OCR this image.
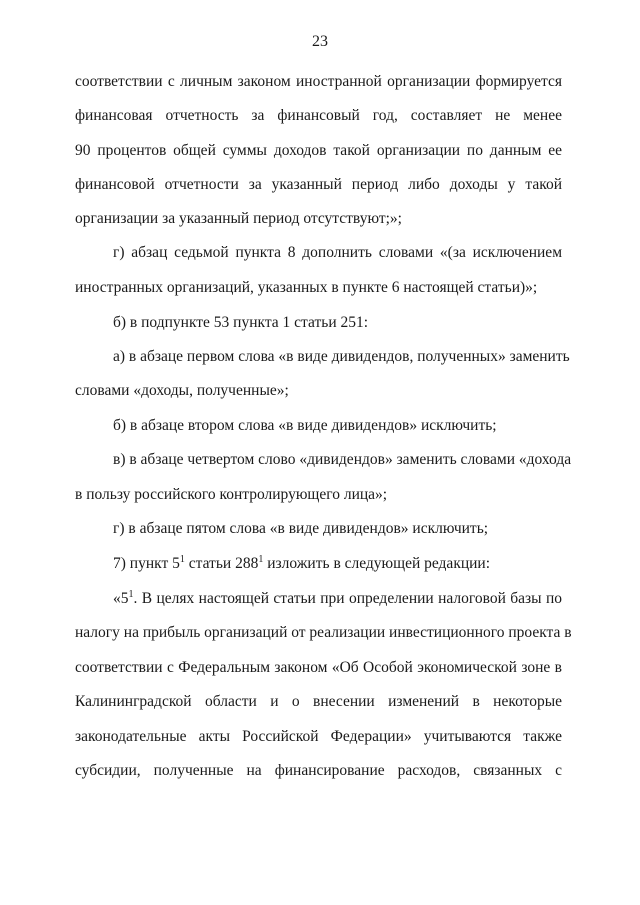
23
соответствии с личным законом иностранной организации формируется
финансовая отчетность за финансовый год, составляет не менее
90 процентов общей суммы доходов такой организации по данным ее
финансовой отчетности за указанный период либо доходы у такой
организации за указанный период отсутствуют;»;
г) абзац седьмой пункта 8 дополнить словами «(за исключением
иностранных организаций, указанных в пункте 6 настоящей статьи)»;
б) в подпункте 53 пункта 1 статьи 251:
а) в абзаце первом слова «в виде дивидендов, полученных» заменить
словами «доходы, полученные»;
б) в абзаце втором слова «в виде дивидендов» исключить;
в) в абзаце четвертом слово «дивидендов» заменить словами «дохода
в пользу российского контролирующего лица»;
г) в абзаце пятом слова «в виде дивидендов» исключить;
7) пункт $5^1$ статьи $288^1$ изложить в следующей редакции:
«$5^1$. В целях настоящей статьи при определении налоговой базы по
налогу на прибыль организаций от реализации инвестиционного проекта в
соответствии с Федеральным законом «Об Особой экономической зоне в
Калининградской области и о внесении изменений в некоторые
законодательные акты Российской Федерации» учитываются также
субсидии, полученные на финансирование расходов, связанных с
